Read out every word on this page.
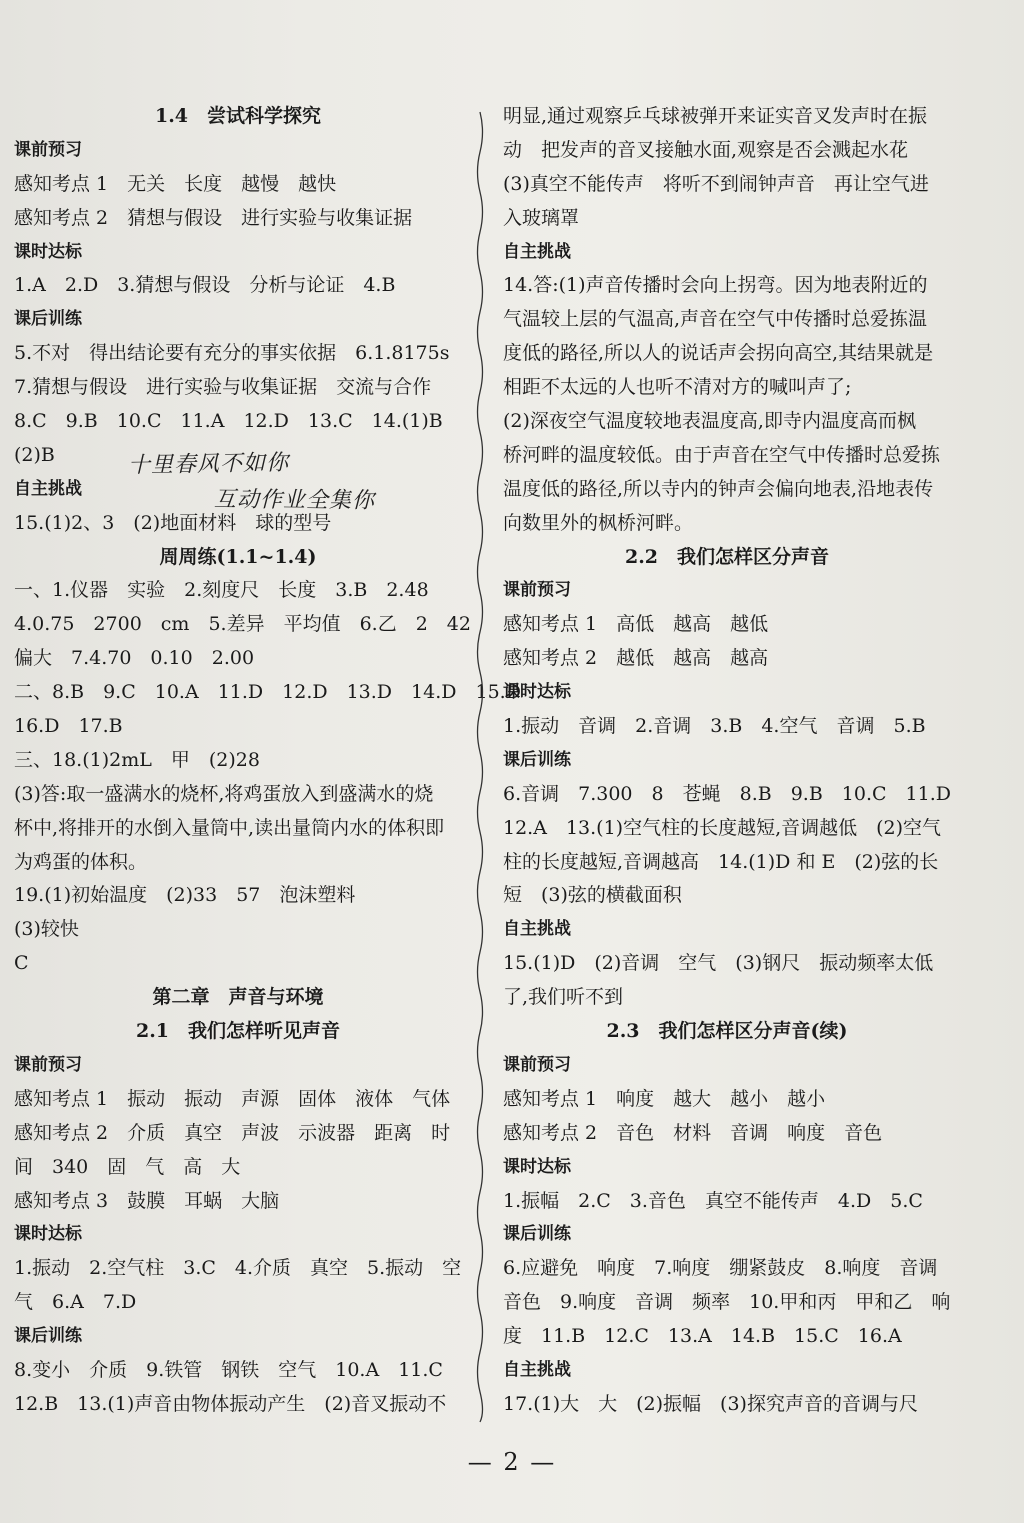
1.4　尝试科学探究
课前预习
感知考点 1　无关　长度　越慢　越快
感知考点 2　猜想与假设　进行实验与收集证据
课时达标
1.A　2.D　3.猜想与假设　分析与论证　4.B
课后训练
5.不对　得出结论要有充分的事实依据　6.1.8175s
7.猜想与假设　进行实验与收集证据　交流与合作
8.C　9.B　10.C　11.A　12.D　13.C　14.(1)B
(2)B
自主挑战
15.(1)2、3　(2)地面材料　球的型号
周周练(1.1~1.4)
一、1.仪器　实验　2.刻度尺　长度　3.B　2.48
4.0.75　2700　cm　5.差异　平均值　6.乙　2　42
偏大　7.4.70　0.10　2.00
二、8.B　9.C　10.A　11.D　12.D　13.D　14.D　15.D
16.D　17.B
三、18.(1)2mL　甲　(2)28
(3)答:取一盛满水的烧杯,将鸡蛋放入到盛满水的烧
杯中,将排开的水倒入量筒中,读出量筒内水的体积即
为鸡蛋的体积。
19.(1)初始温度　(2)33　57　泡沫塑料
(3)较快
C
第二章　声音与环境
2.1　我们怎样听见声音
课前预习
感知考点 1　振动　振动　声源　固体　液体　气体
感知考点 2　介质　真空　声波　示波器　距离　时
间　340　固　气　高　大
感知考点 3　鼓膜　耳蜗　大脑
课时达标
1.振动　2.空气柱　3.C　4.介质　真空　5.振动　空
气　6.A　7.D
课后训练
8.变小　介质　9.铁管　钢铁　空气　10.A　11.C
12.B　13.(1)声音由物体振动产生　(2)音叉振动不
明显,通过观察乒乓球被弹开来证实音叉发声时在振
动　把发声的音叉接触水面,观察是否会溅起水花
(3)真空不能传声　将听不到闹钟声音　再让空气进
入玻璃罩
自主挑战
14.答:(1)声音传播时会向上拐弯。因为地表附近的
气温较上层的气温高,声音在空气中传播时总爱拣温
度低的路径,所以人的说话声会拐向高空,其结果就是
相距不太远的人也听不清对方的喊叫声了;
(2)深夜空气温度较地表温度高,即寺内温度高而枫
桥河畔的温度较低。由于声音在空气中传播时总爱拣
温度低的路径,所以寺内的钟声会偏向地表,沿地表传
向数里外的枫桥河畔。
2.2　我们怎样区分声音
课前预习
感知考点 1　高低　越高　越低
感知考点 2　越低　越高　越高
课时达标
1.振动　音调　2.音调　3.B　4.空气　音调　5.B
课后训练
6.音调　7.300　8　苍蝇　8.B　9.B　10.C　11.D
12.A　13.(1)空气柱的长度越短,音调越低　(2)空气
柱的长度越短,音调越高　14.(1)D 和 E　(2)弦的长
短　(3)弦的横截面积
自主挑战
15.(1)D　(2)音调　空气　(3)钢尺　振动频率太低
了,我们听不到
2.3　我们怎样区分声音(续)
课前预习
感知考点 1　响度　越大　越小　越小
感知考点 2　音色　材料　音调　响度　音色
课时达标
1.振幅　2.C　3.音色　真空不能传声　4.D　5.C
课后训练
6.应避免　响度　7.响度　绷紧鼓皮　8.响度　音调
音色　9.响度　音调　频率　10.甲和丙　甲和乙　响
度　11.B　12.C　13.A　14.B　15.C　16.A
自主挑战
17.(1)大　大　(2)振幅　(3)探究声音的音调与尺
十里春风不如你
互动作业全集你
— 2 —
